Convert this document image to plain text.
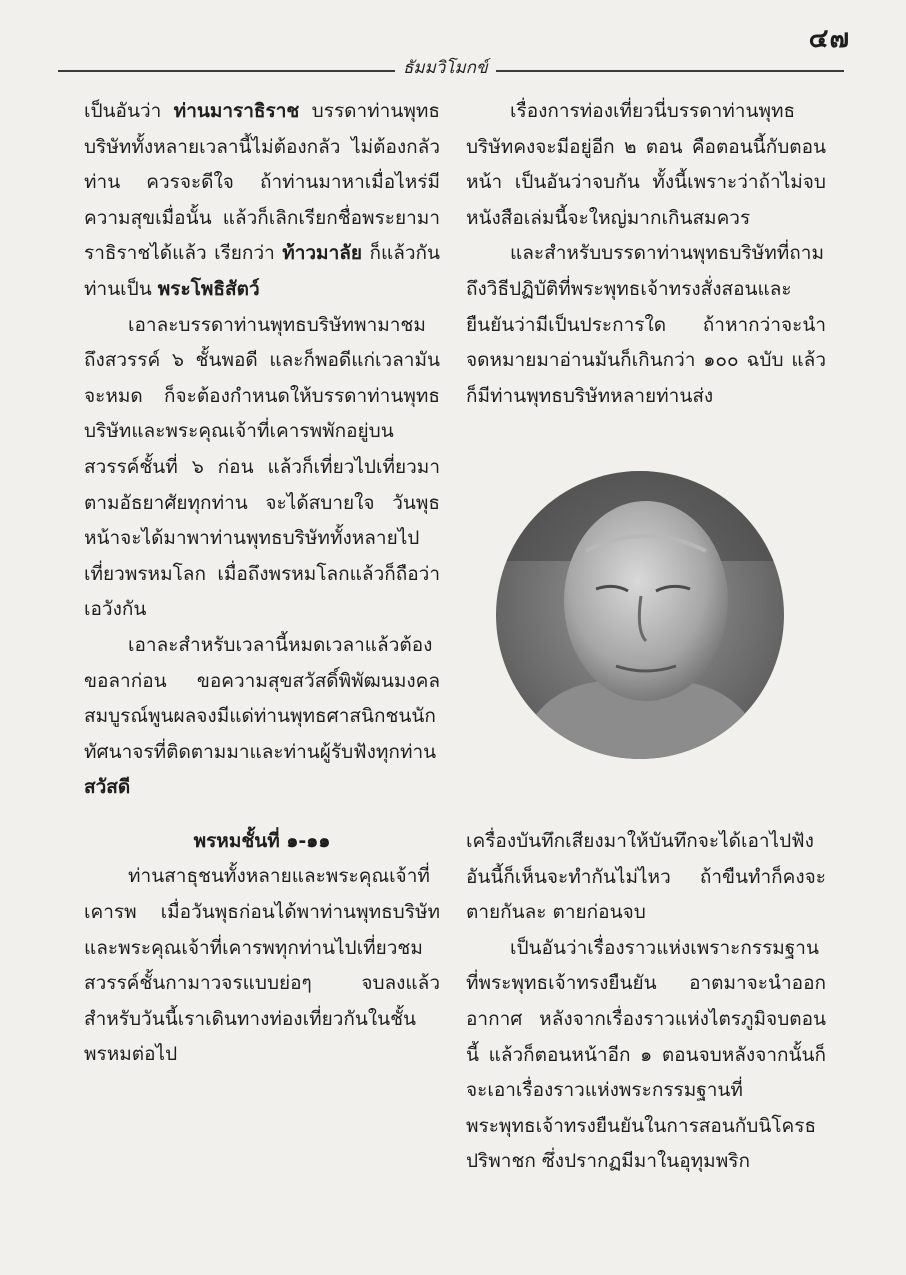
๔๗
ธัมมวิโมกข์

เป็นอันว่า ท่านมาราธิราช บรรดาท่านพุทธบริษัททั้งหลายเวลานี้ไม่ต้องกลัว ไม่ต้องกลัวท่าน ควรจะดีใจ ถ้าท่านมาหาเมื่อไหร่มีความสุขเมื่อนั้น แล้วก็เลิกเรียกชื่อพระยามาราธิราชได้แล้ว เรียกว่า ท้าวมาลัย ก็แล้วกัน ท่านเป็น พระโพธิสัตว์

เอาละบรรดาท่านพุทธบริษัทพามาชมถึงสวรรค์ ๖ ชั้นพอดี และก็พอดีแก่เวลามันจะหมด ก็จะต้องกำหนดให้บรรดาท่านพุทธบริษัทและพระคุณเจ้าที่เคารพพักอยู่บนสวรรค์ชั้นที่ ๖ ก่อน แล้วก็เที่ยวไปเที่ยวมาตามอัธยาศัยทุกท่าน จะได้สบายใจ วันพุธหน้าจะได้มาพาท่านพุทธบริษัททั้งหลายไปเที่ยวพรหมโลก เมื่อถึงพรหมโลกแล้วก็ถือว่าเอวังกัน

เอาละสำหรับเวลานี้หมดเวลาแล้วต้องขอลาก่อน ขอความสุขสวัสดิ์พิพัฒนมงคลสมบูรณ์พูนผลจงมีแด่ท่านพุทธศาสนิกชนนักทัศนาจรที่ติดตามมาและท่านผู้รับฟังทุกท่าน สวัสดี

พรหมชั้นที่ ๑-๑๑

ท่านสาธุชนทั้งหลายและพระคุณเจ้าที่เคารพ เมื่อวันพุธก่อนได้พาท่านพุทธบริษัทและพระคุณเจ้าที่เคารพทุกท่านไปเที่ยวชมสวรรค์ชั้นกามาวจรแบบย่อๆ จบลงแล้วสำหรับวันนี้เราเดินทางท่องเที่ยวกันในชั้นพรหมต่อไป

เรื่องการท่องเที่ยวนี่บรรดาท่านพุทธบริษัทคงจะมีอยู่อีก ๒ ตอน คือตอนนี้กับตอนหน้า เป็นอันว่าจบกัน ทั้งนี้เพราะว่าถ้าไม่จบหนังสือเล่มนี้จะใหญ่มากเกินสมควร

และสำหรับบรรดาท่านพุทธบริษัทที่ถามถึงวิธีปฏิบัติที่พระพุทธเจ้าทรงสั่งสอนและยืนยันว่ามีเป็นประการใด ถ้าหากว่าจะนำจดหมายมาอ่านมันก็เกินกว่า ๑๐๐ ฉบับ แล้วก็มีท่านพุทธบริษัทหลายท่านส่ง

เครื่องบันทึกเสียงมาให้บันทึกจะได้เอาไปฟังอันนี้ก็เห็นจะทำกันไม่ไหว ถ้าขืนทำก็คงจะตายกันละ ตายก่อนจบ

เป็นอันว่าเรื่องราวแห่งเพราะกรรมฐานที่พระพุทธเจ้าทรงยืนยัน อาตมาจะนำออกอากาศ หลังจากเรื่องราวแห่งไตรภูมิจบตอนนี้ แล้วก็ตอนหน้าอีก ๑ ตอนจบหลังจากนั้นก็จะเอาเรื่องราวแห่งพระกรรมฐานที่พระพุทธเจ้าทรงยืนยันในการสอนกับนิโครธปริพาชก ซึ่งปรากฏมีมาในอุทุมพริก
